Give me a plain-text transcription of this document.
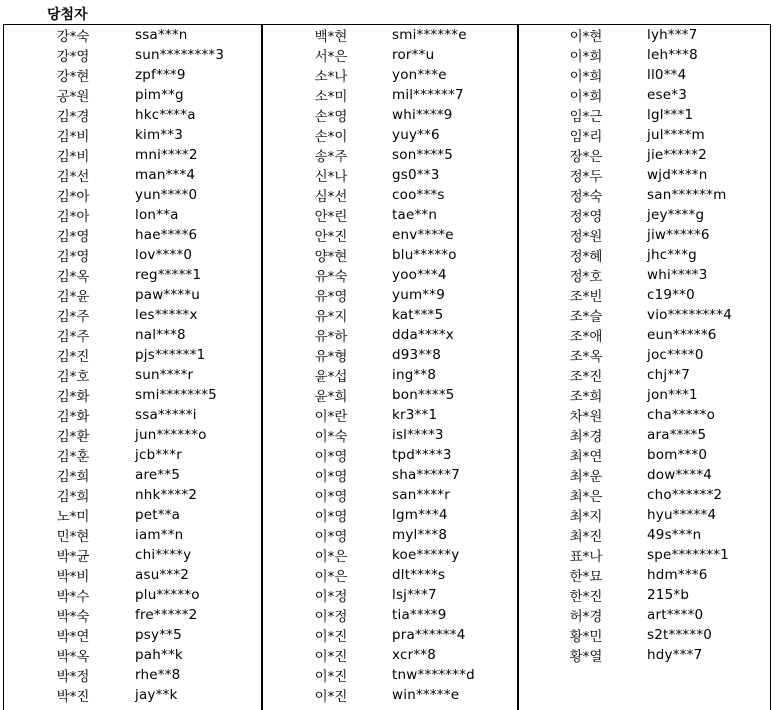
당첨자
강*숙	ssa***n
강*영	sun********3
강*현	zpf***9
공*원	pim**g
김*경	hkc****a
김*비	kim**3
김*비	mni****2
김*선	man***4
김*아	yun****0
김*아	lon**a
김*영	hae****6
김*영	lov****0
김*옥	reg*****1
김*윤	paw****u
김*주	les*****x
김*주	nal***8
김*진	pjs******1
김*호	sun****r
김*화	smi*******5
김*화	ssa*****i
김*환	jun******o
김*훈	jcb***r
김*희	are**5
김*희	nhk****2
노*미	pet**a
민*현	iam**n
박*균	chi****y
박*비	asu***2
박*수	plu*****o
박*숙	fre*****2
박*연	psy**5
박*옥	pah**k
박*정	rhe**8
박*진	jay**k
백*현	smi******e
서*은	ror**u
소*나	yon***e
소*미	mil******7
손*영	whi****9
손*이	yuy**6
송*주	son****5
신*나	gs0**3
심*선	coo***s
안*린	tae**n
안*진	env****e
양*현	blu*****o
유*숙	yoo***4
유*영	yum**9
유*지	kat***5
유*하	dda****x
유*형	d93**8
윤*섭	ing**8
윤*희	bon****5
이*란	kr3**1
이*숙	isl****3
이*영	tpd****3
이*영	sha*****7
이*영	san****r
이*영	lgm***4
이*영	myl***8
이*은	koe*****y
이*은	dlt****s
이*정	lsj***7
이*정	tia****9
이*진	pra******4
이*진	xcr**8
이*진	tnw*******d
이*진	win*****e
이*현	lyh***7
이*희	leh***8
이*희	ll0**4
이*희	ese*3
임*근	lgl***1
임*리	jul****m
장*은	jie*****2
정*두	wjd****n
정*숙	san******m
정*영	jey****g
정*원	jiw*****6
정*혜	jhc***g
정*호	whi****3
조*빈	c19**0
조*슬	vio********4
조*애	eun*****6
조*옥	joc****0
조*진	chj**7
조*희	jon***1
차*원	cha*****o
최*경	ara****5
최*연	bom***0
최*운	dow****4
최*은	cho******2
최*지	hyu*****4
최*진	49s***n
표*나	spe*******1
한*묘	hdm***6
한*진	215*b
허*경	art****0
황*민	s2t*****0
황*열	hdy***7
